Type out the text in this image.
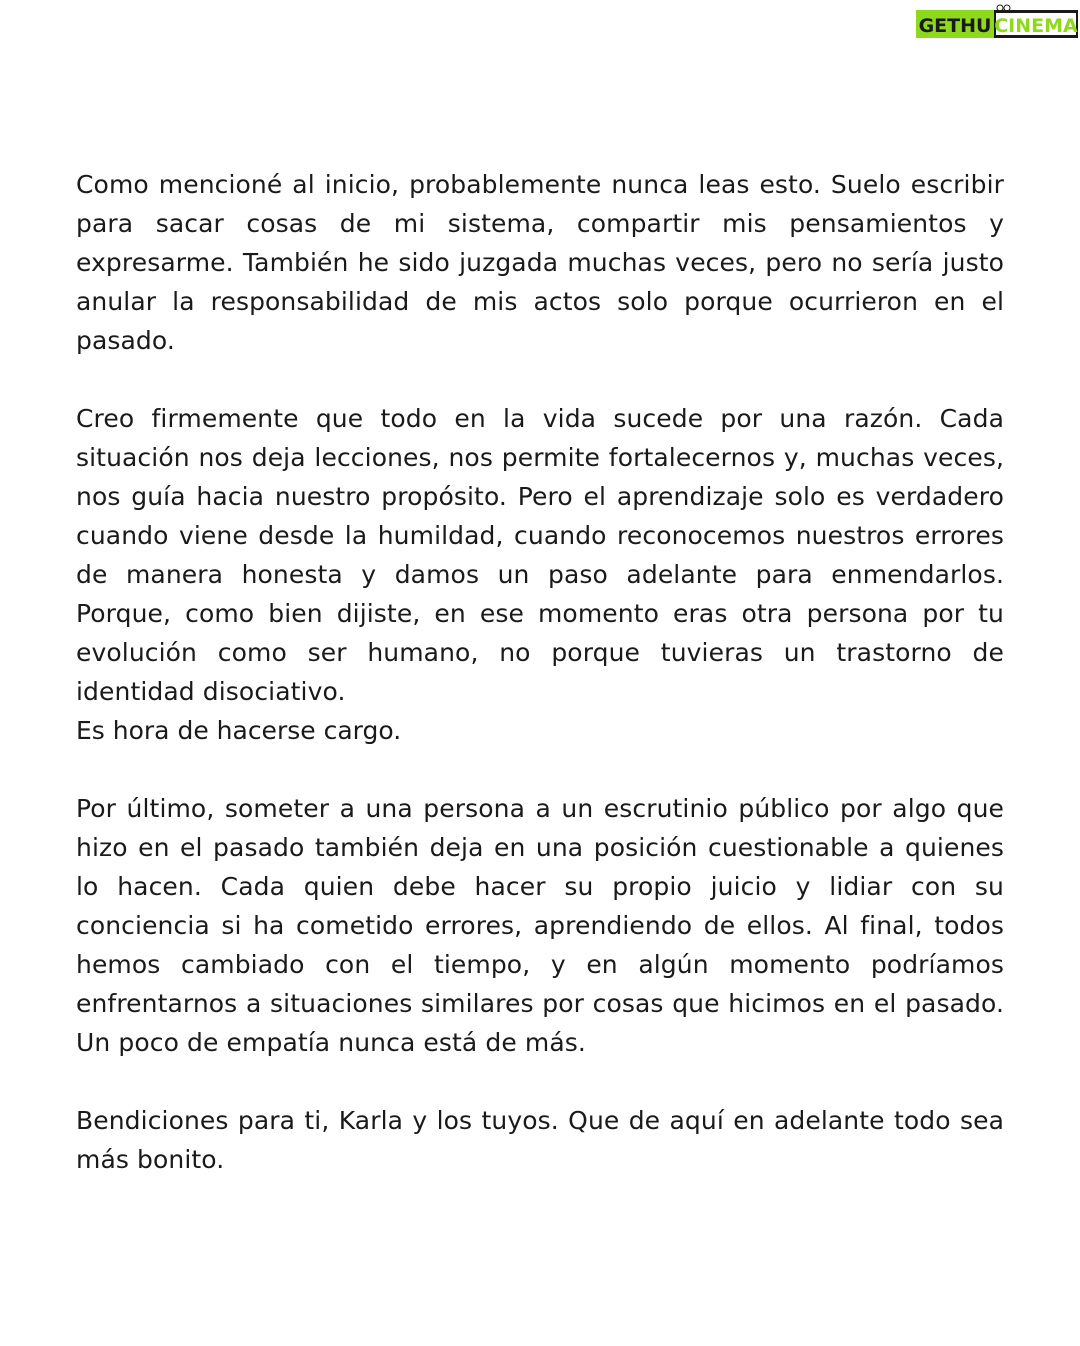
GETHU CINEMA

Como mencioné al inicio, probablemente nunca leas esto. Suelo escribir para sacar cosas de mi sistema, compartir mis pensamientos y expresarme. También he sido juzgada muchas veces, pero no sería justo anular la responsabilidad de mis actos solo porque ocurrieron en el pasado.

Creo firmemente que todo en la vida sucede por una razón. Cada situación nos deja lecciones, nos permite fortalecernos y, muchas veces, nos guía hacia nuestro propósito. Pero el aprendizaje solo es verdadero cuando viene desde la humildad, cuando reconocemos nuestros errores de manera honesta y damos un paso adelante para enmendarlos. Porque, como bien dijiste, en ese momento eras otra persona por tu evolución como ser humano, no porque tuvieras un trastorno de identidad disociativo.

Es hora de hacerse cargo.

Por último, someter a una persona a un escrutinio público por algo que hizo en el pasado también deja en una posición cuestionable a quienes lo hacen. Cada quien debe hacer su propio juicio y lidiar con su conciencia si ha cometido errores, aprendiendo de ellos. Al final, todos hemos cambiado con el tiempo, y en algún momento podríamos enfrentarnos a situaciones similares por cosas que hicimos en el pasado. Un poco de empatía nunca está de más.

Bendiciones para ti, Karla y los tuyos. Que de aquí en adelante todo sea más bonito.
